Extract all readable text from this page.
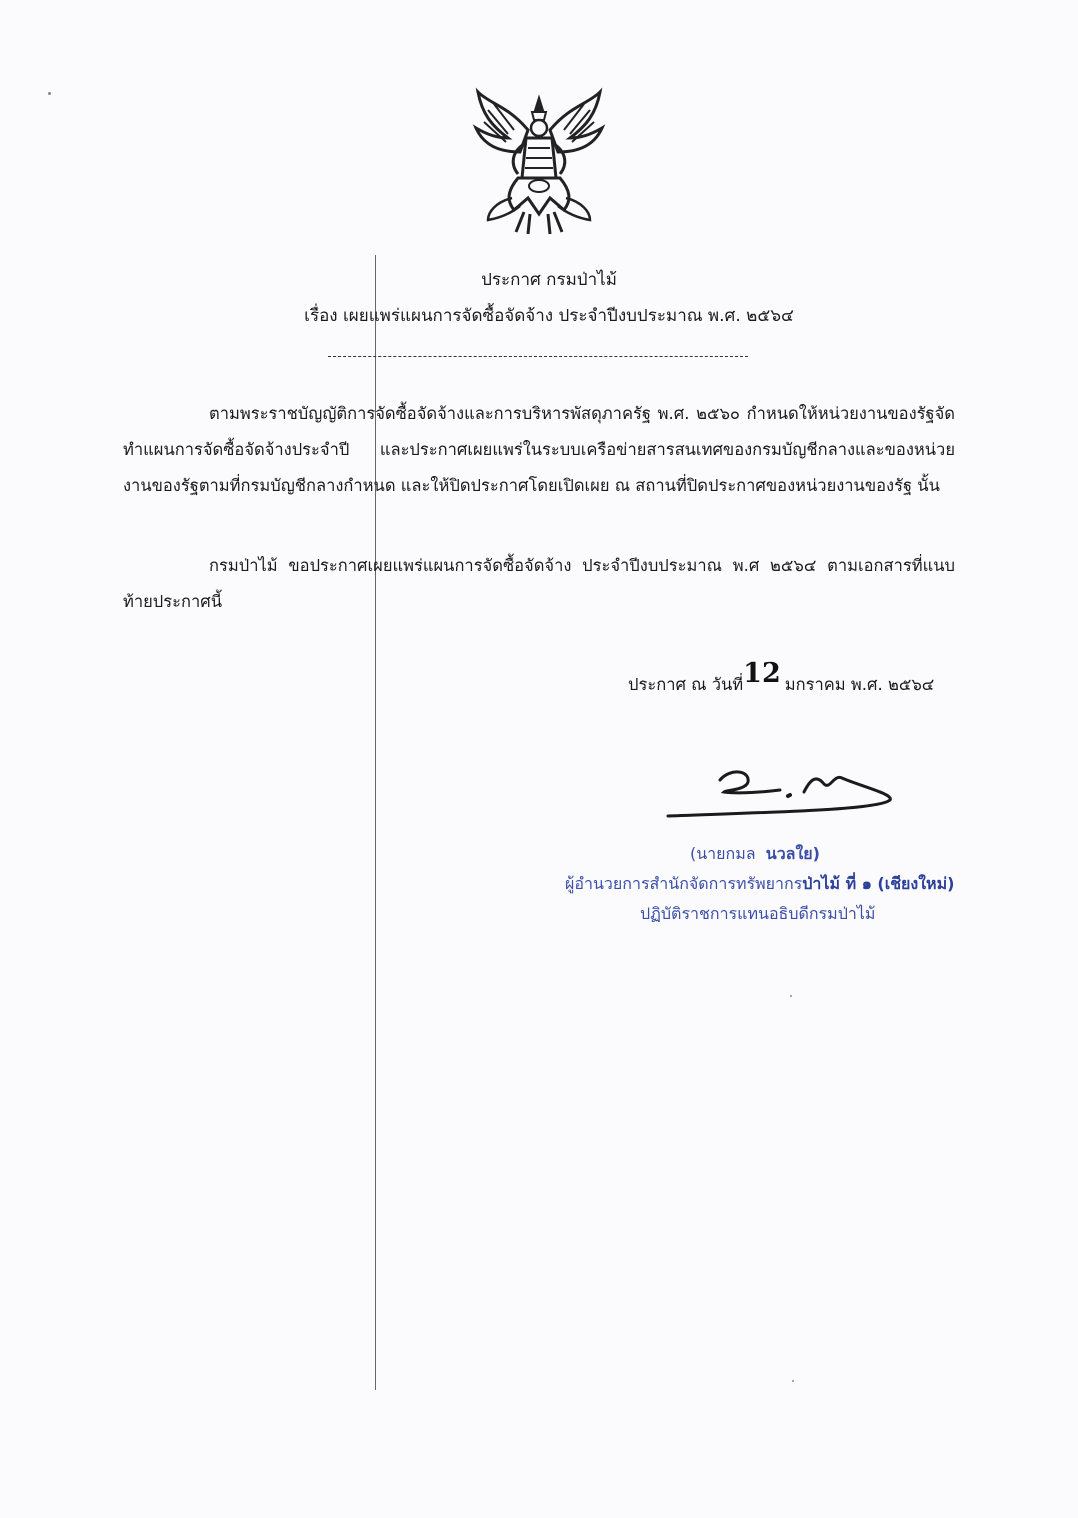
ประกาศ กรมป่าไม้
เรื่อง เผยแพร่แผนการจัดซื้อจัดจ้าง ประจำปีงบประมาณ พ.ศ. ๒๕๖๔
ตามพระราชบัญญัติการจัดซื้อจัดจ้างและการบริหารพัสดุภาครัฐ พ.ศ. ๒๕๖๐ กำหนดให้หน่วยงานของรัฐจัดทำแผนการจัดซื้อจัดจ้างประจำปี และประกาศเผยแพร่ในระบบเครือข่ายสารสนเทศของกรมบัญชีกลางและของหน่วยงานของรัฐตามที่กรมบัญชีกลางกำหนด และให้ปิดประกาศโดยเปิดเผย ณ สถานที่ปิดประกาศของหน่วยงานของรัฐ นั้น
กรมป่าไม้ ขอประกาศเผยแพร่แผนการจัดซื้อจัดจ้าง ประจำปีงบประมาณ พ.ศ ๒๕๖๔ ตามเอกสารที่แนบท้ายประกาศนี้
ประกาศ ณ วันที่12 มกราคม พ.ศ. ๒๕๖๔
(นายกมล นวลใย)
ผู้อำนวยการสำนักจัดการทรัพยากรป่าไม้ ที่ ๑ (เชียงใหม่)
ปฏิบัติราชการแทนอธิบดีกรมป่าไม้
